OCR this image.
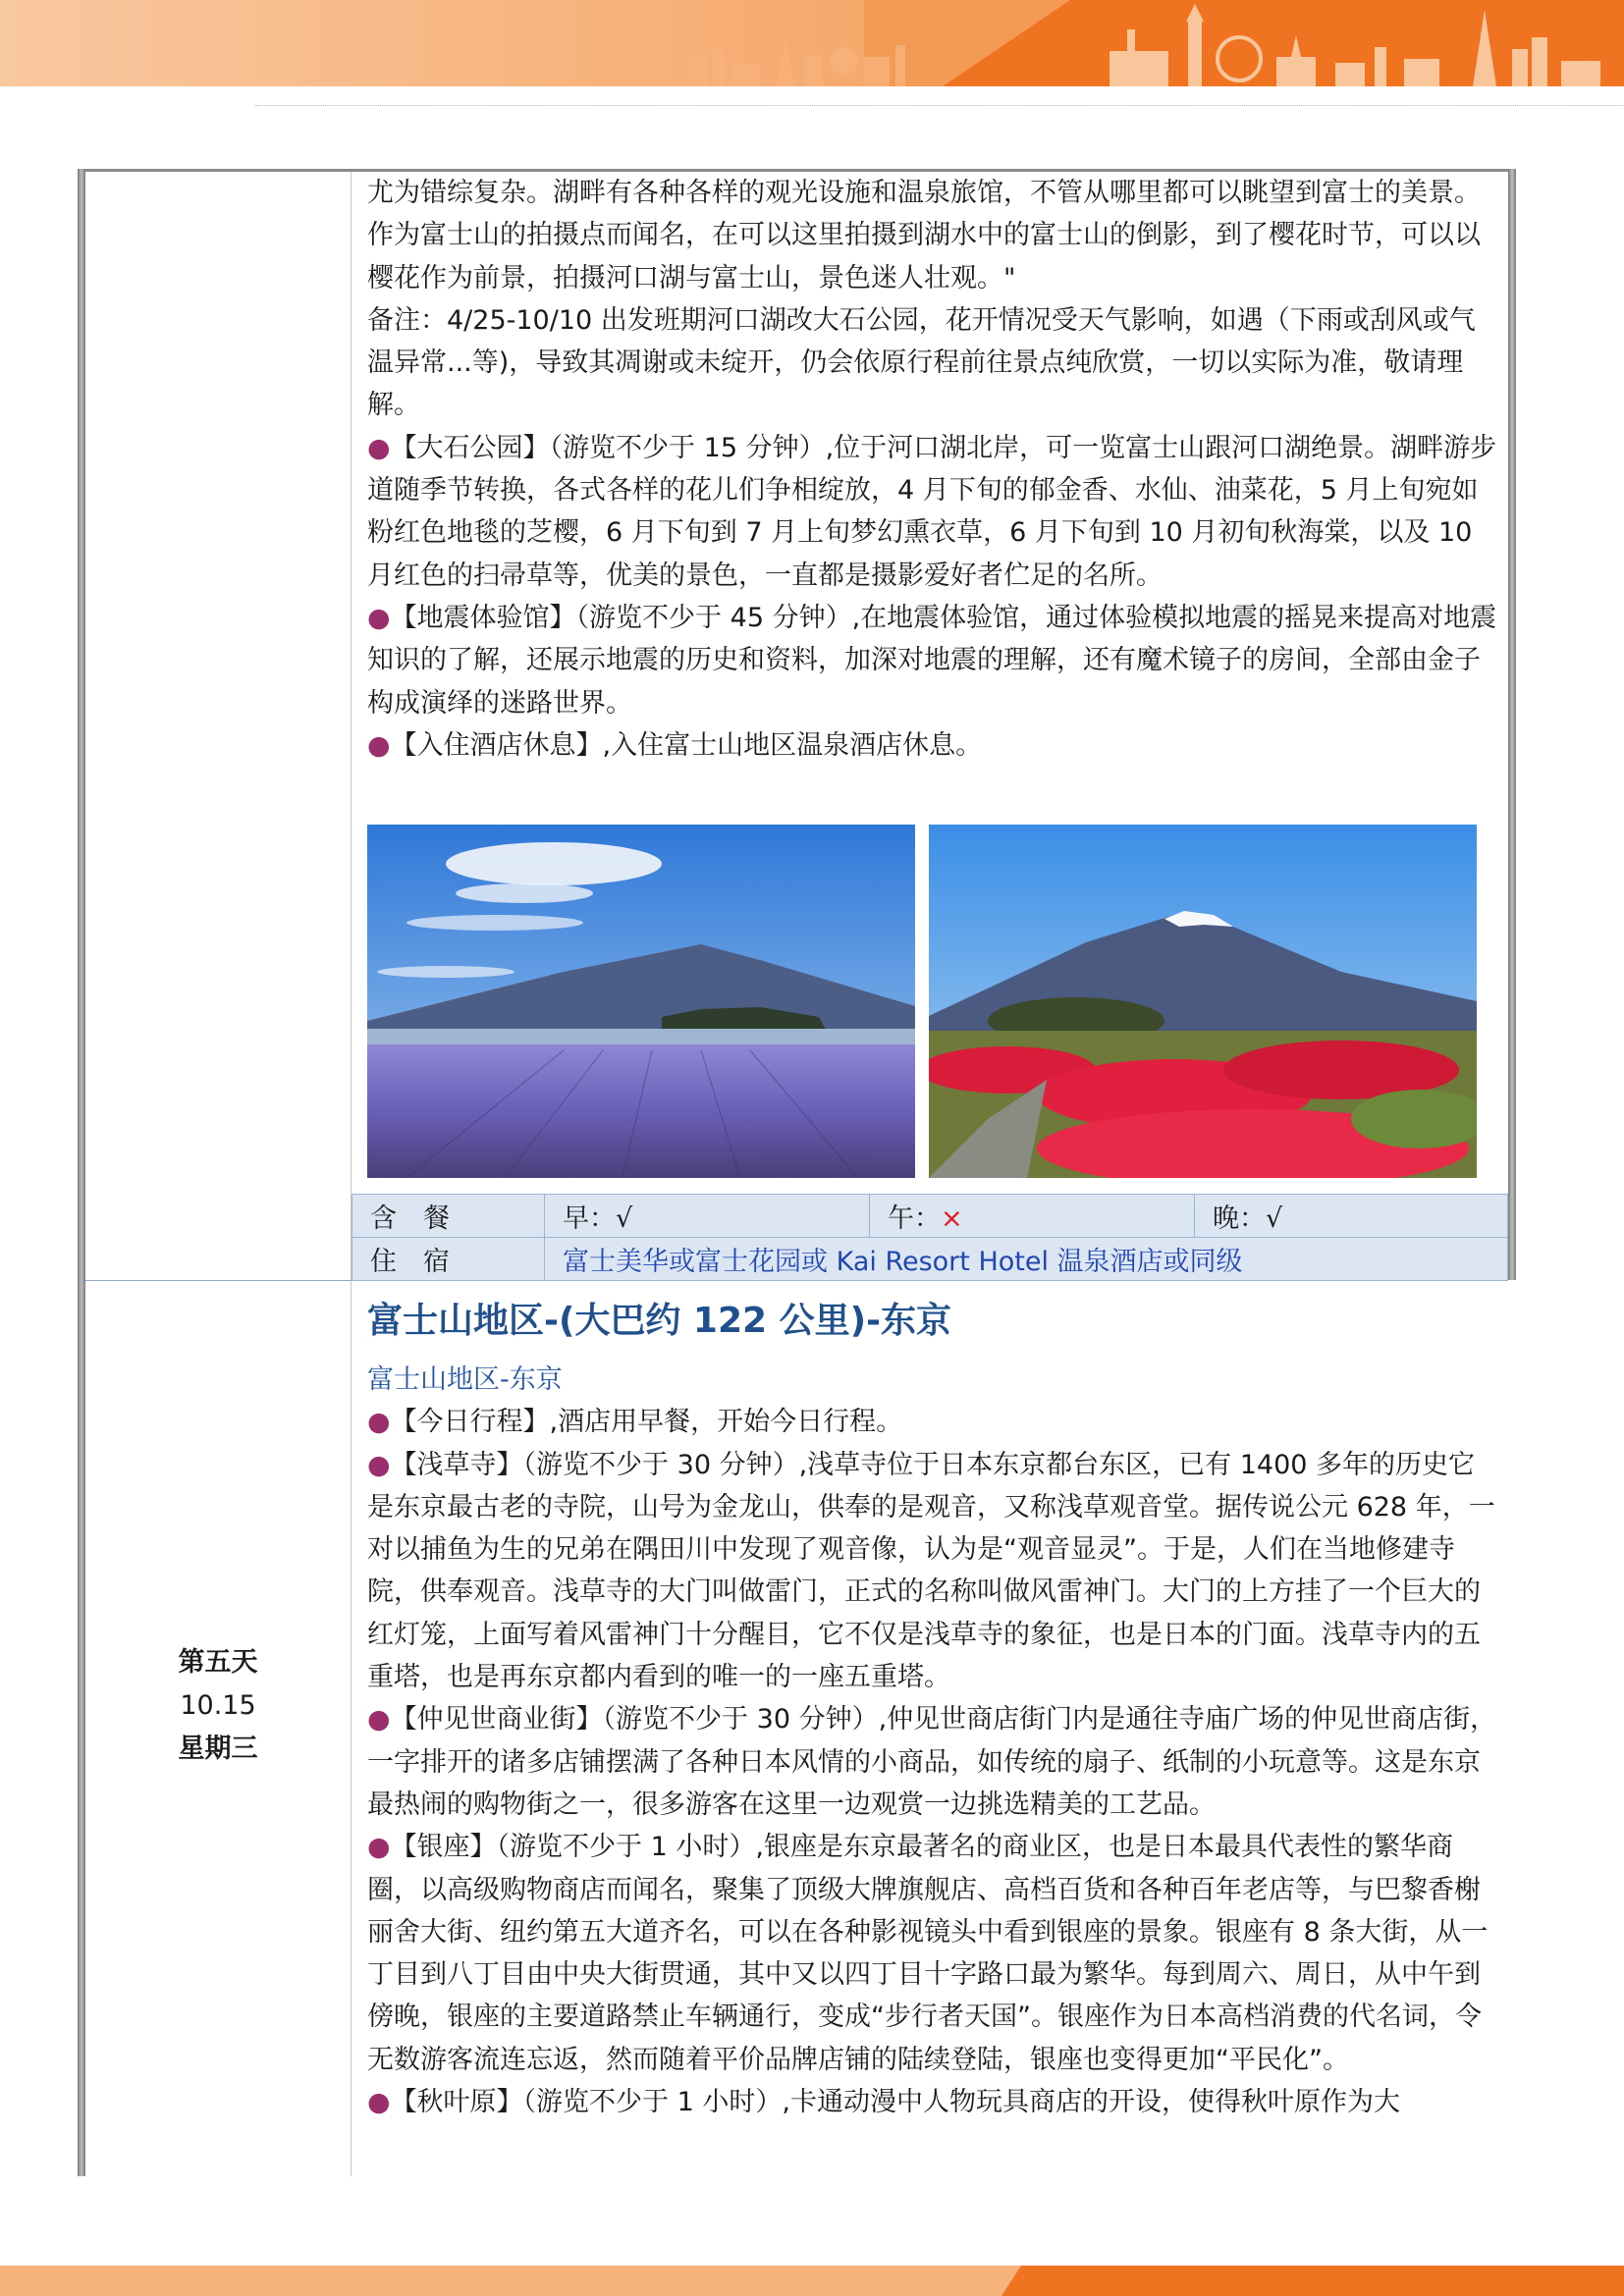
尤为错综复杂。湖畔有各种各样的观光设施和温泉旅馆，不管从哪里都可以眺望到富士的美景。

作为富士山的拍摄点而闻名，在可以这里拍摄到湖水中的富士山的倒影，到了樱花时节，可以以樱花作为前景，拍摄河口湖与富士山，景色迷人壮观。"

备注：4/25-10/10 出发班期河口湖改大石公园，花开情况受天气影响，如遇（下雨或刮风或气温异常...等)，导致其凋谢或未绽开，仍会依原行程前往景点纯欣赏，一切以实际为准，敬请理解。

●【大石公园】（游览不少于 15 分钟）,位于河口湖北岸，可一览富士山跟河口湖绝景。湖畔游步道随季节转换，各式各样的花儿们争相绽放，4 月下旬的郁金香、水仙、油菜花，5 月上旬宛如粉红色地毯的芝樱，6 月下旬到 7 月上旬梦幻熏衣草，6 月下旬到 10 月初旬秋海棠，以及 10 月红色的扫帚草等，优美的景色，一直都是摄影爱好者伫足的名所。

●【地震体验馆】（游览不少于 45 分钟）,在地震体验馆，通过体验模拟地震的摇晃来提高对地震知识的了解，还展示地震的历史和资料，加深对地震的理解，还有魔术镜子的房间，全部由金子构成演绎的迷路世界。

●【入住酒店休息】,入住富士山地区温泉酒店休息。

含　餐	早：√	午：×	晚：√
住　宿	富士美华或富士花园或 Kai Resort Hotel 温泉酒店或同级		
第五天
10.15
星期三
富士山地区-(大巴约 122 公里)-东京

富士山地区-东京

●【今日行程】,酒店用早餐，开始今日行程。

●【浅草寺】（游览不少于 30 分钟）,浅草寺位于日本东京都台东区，已有 1400 多年的历史它是东京最古老的寺院，山号为金龙山，供奉的是观音，又称浅草观音堂。据传说公元 628 年，一对以捕鱼为生的兄弟在隅田川中发现了观音像，认为是“观音显灵”。于是，人们在当地修建寺院，供奉观音。浅草寺的大门叫做雷门，正式的名称叫做风雷神门。大门的上方挂了一个巨大的红灯笼，上面写着风雷神门十分醒目，它不仅是浅草寺的象征，也是日本的门面。浅草寺内的五重塔，也是再东京都内看到的唯一的一座五重塔。

●【仲见世商业街】（游览不少于 30 分钟）,仲见世商店街门内是通往寺庙广场的仲见世商店街，一字排开的诸多店铺摆满了各种日本风情的小商品，如传统的扇子、纸制的小玩意等。这是东京最热闹的购物街之一，很多游客在这里一边观赏一边挑选精美的工艺品。

●【银座】（游览不少于 1 小时）,银座是东京最著名的商业区，也是日本最具代表性的繁华商圈，以高级购物商店而闻名，聚集了顶级大牌旗舰店、高档百货和各种百年老店等，与巴黎香榭丽舍大街、纽约第五大道齐名，可以在各种影视镜头中看到银座的景象。银座有 8 条大街，从一丁目到八丁目由中央大街贯通，其中又以四丁目十字路口最为繁华。每到周六、周日，从中午到傍晚，银座的主要道路禁止车辆通行，变成“步行者天国”。银座作为日本高档消费的代名词，令无数游客流连忘返，然而随着平价品牌店铺的陆续登陆，银座也变得更加“平民化”。

●【秋叶原】（游览不少于 1 小时）,卡通动漫中人物玩具商店的开设，使得秋叶原作为大
